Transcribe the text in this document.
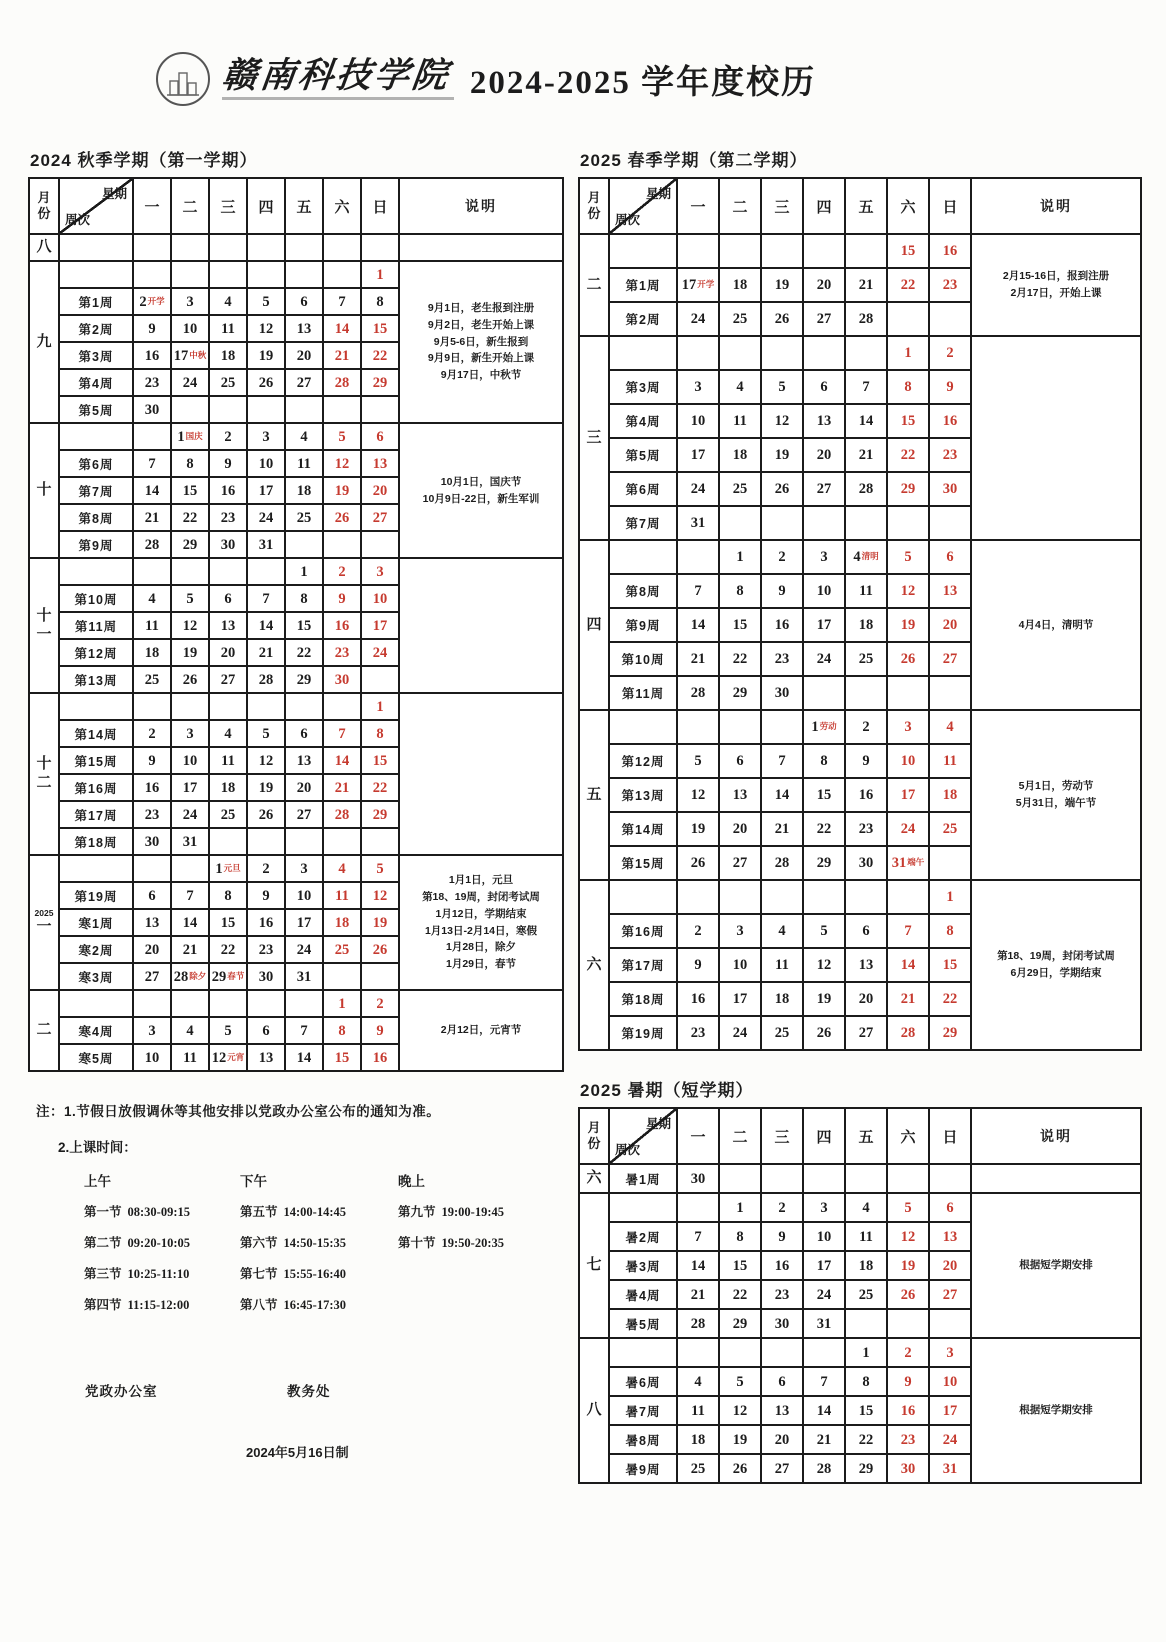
赣南科技学院 2024-2025 学年度校历
2024 秋季学期（第一学期）
月
份

星期
周次
	一	二	三	四	五	六	日	说明

八									

九								1	9月1日，老生报到注册
9月2日，老生开始上课
9月5-6日，新生报到
9月9日，新生开始上课
9月17日，中秋节

	第1周	2开学	3	4	5	6	7	8	
	第2周	9	10	11	12	13	14	15	
	第3周	16	17中秋	18	19	20	21	22	
	第4周	23	24	25	26	27	28	29	
	第5周	30							

十			1国庆	2	3	4	5	6	10月1日，国庆节
10月9日-22日，新生军训

	第6周	7	8	9	10	11	12	13	
	第7周	14	15	16	17	18	19	20	
	第8周	21	22	23	24	25	26	27	
	第9周	28	29	30	31				

十
一						1	2	3	
	第10周	4	5	6	7	8	9	10	
	第11周	11	12	13	14	15	16	17	
	第12周	18	19	20	21	22	23	24	
	第13周	25	26	27	28	29	30		

十
二								1	
	第14周	2	3	4	5	6	7	8	
	第15周	9	10	11	12	13	14	15	
	第16周	16	17	18	19	20	21	22	
	第17周	23	24	25	26	27	28	29	
	第18周	30	31						

2025
一
				1元旦	2	3	4	5	
1月1日，元旦
第18、19周，封闭考试周
1月12日，学期结束
1月13日-2月14日，寒假
1月28日，除夕
1月29日，春节

	第19周	6	7	8	9	10	11	12	
	寒1周	13	14	15	16	17	18	19	
	寒2周	20	21	22	23	24	25	26	
	寒3周	27	28除夕	29春节	30	31			

二							1	2	2月12日，元宵节

	寒4周	3	4	5	6	7	8	9	
	寒5周	10	11	12元宵	13	14	15	16	
2025 春季学期（第二学期）
月
份

星期
周次
	一	二	三	四	五	六	日	说明

二							15	16	2月15-16日，报到注册
2月17日，开始上课

	第1周	17开学	18	19	20	21	22	23	
	第2周	24	25	26	27	28			

三							1	2	
	第3周	3	4	5	6	7	8	9	
	第4周	10	11	12	13	14	15	16	
	第5周	17	18	19	20	21	22	23	
	第6周	24	25	26	27	28	29	30	
	第7周	31							

四			1	2	3	4清明	5	6	4月4日，清明节

	第8周	7	8	9	10	11	12	13	
	第9周	14	15	16	17	18	19	20	
	第10周	21	22	23	24	25	26	27	
	第11周	28	29	30					

五					1劳动	2	3	4	5月1日，劳动节
5月31日，端午节

	第12周	5	6	7	8	9	10	11	
	第13周	12	13	14	15	16	17	18	
	第14周	19	20	21	22	23	24	25	
	第15周	26	27	28	29	30	31端午		

六								1	第18、19周，封闭考试周
6月29日，学期结束

	第16周	2	3	4	5	6	7	8	
	第17周	9	10	11	12	13	14	15	
	第18周	16	17	18	19	20	21	22	
	第19周	23	24	25	26	27	28	29	
2025 暑期（短学期）
月
份

星期
周次
	一	二	三	四	五	六	日	说明

六	暑1周	30							

七			1	2	3	4	5	6	根据短学期安排

	暑2周	7	8	9	10	11	12	13	
	暑3周	14	15	16	17	18	19	20	
	暑4周	21	22	23	24	25	26	27	
	暑5周	28	29	30	31				

八						1	2	3	根据短学期安排

	暑6周	4	5	6	7	8	9	10	
	暑7周	11	12	13	14	15	16	17	
	暑8周	18	19	20	21	22	23	24	
	暑9周	25	26	27	28	29	30	31	
注：1.节假日放假调休等其他安排以党政办公室公布的通知为准。
2.上课时间：
上午
第一节 08:30-09:15
第二节 09:20-10:05
第三节 10:25-11:10
第四节 11:15-12:00
下午
第五节 14:00-14:45
第六节 14:50-15:35
第七节 15:55-16:40
第八节 16:45-17:30
晚上
第九节 19:00-19:45
第十节 19:50-20:35
党政办公室	教务处
2024年5月16日制
